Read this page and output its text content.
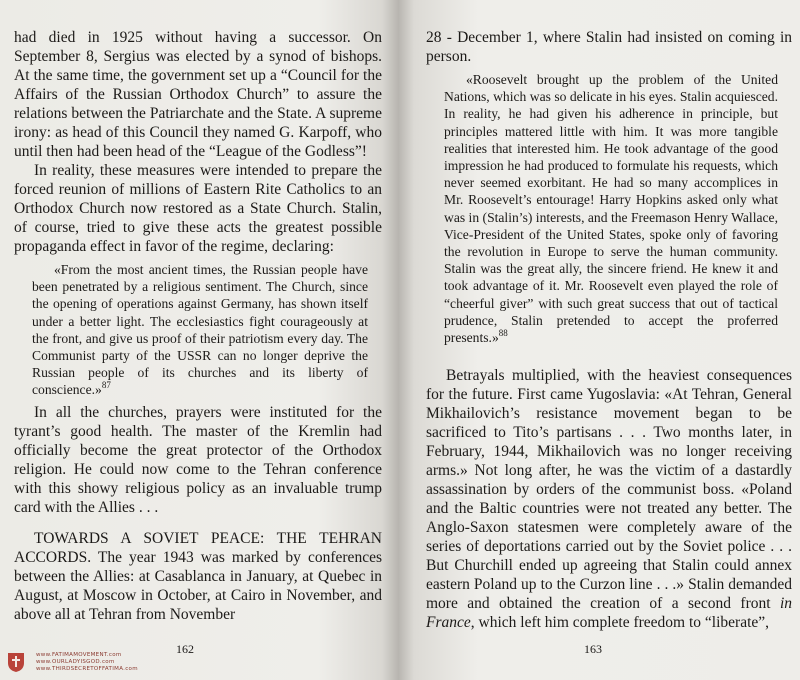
had died in 1925 without having a successor. On September 8, Sergius was elected by a synod of bishops. At the same time, the government set up a “Council for the Affairs of the Russian Orthodox Church” to assure the relations between the Patriarchate and the State. A supreme irony: as head of this Council they named G. Karpoff, who until then had been head of the “League of the Godless”!

In reality, these measures were intended to prepare the forced reunion of millions of Eastern Rite Catholics to an Orthodox Church now restored as a State Church. Stalin, of course, tried to give these acts the greatest possible propaganda effect in favor of the regime, declaring:

«From the most ancient times, the Russian people have been penetrated by a religious sentiment. The Church, since the opening of operations against Germany, has shown itself under a better light. The ecclesiastics fight courageously at the front, and give us proof of their patriotism every day. The Communist party of the USSR can no longer deprive the Russian people of its churches and its liberty of conscience.»$^{87}$

In all the churches, prayers were instituted for the tyrant’s good health. The master of the Kremlin had officially become the great protector of the Orthodox religion. He could now come to the Tehran conference with this showy religious policy as an invaluable trump card with the Allies . . .

TOWARDS A SOVIET PEACE: THE TEHRAN ACCORDS. The year 1943 was marked by conferences between the Allies: at Casablanca in January, at Quebec in August, at Moscow in October, at Cairo in November, and above all at Tehran from November

162
www.FATIMAMOVEMENT.com
www.OURLADYISGOD.com
www.THIRDSECRETOFFATIMA.com

28 - December 1, where Stalin had insisted on coming in person.

«Roosevelt brought up the problem of the United Nations, which was so delicate in his eyes. Stalin acquiesced. In reality, he had given his adherence in principle, but principles mattered little with him. It was more tangible realities that interested him. He took advantage of the good impression he had produced to formulate his requests, which never seemed exorbitant. He had so many accomplices in Mr. Roosevelt’s entourage! Harry Hopkins asked only what was in (Stalin’s) interests, and the Freemason Henry Wallace, Vice-President of the United States, spoke only of favoring the revolution in Europe to serve the human community. Stalin was the great ally, the sincere friend. He knew it and took advantage of it. Mr. Roosevelt even played the role of “cheerful giver” with such great success that out of tactical prudence, Stalin pretended to accept the proferred presents.»$^{88}$

Betrayals multiplied, with the heaviest consequences for the future. First came Yugoslavia: «At Tehran, General Mikhailovich’s resistance movement began to be sacrificed to Tito’s partisans . . . Two months later, in February, 1944, Mikhailovich was no longer receiving arms.» Not long after, he was the victim of a dastardly assassination by orders of the communist boss. «Poland and the Baltic countries were not treated any better. The Anglo-Saxon statesmen were completely aware of the series of deportations carried out by the Soviet police . . . But Churchill ended up agreeing that Stalin could annex eastern Poland up to the Curzon line . . .» Stalin demanded more and obtained the creation of a second front in France, which left him complete freedom to “liberate”,

163
